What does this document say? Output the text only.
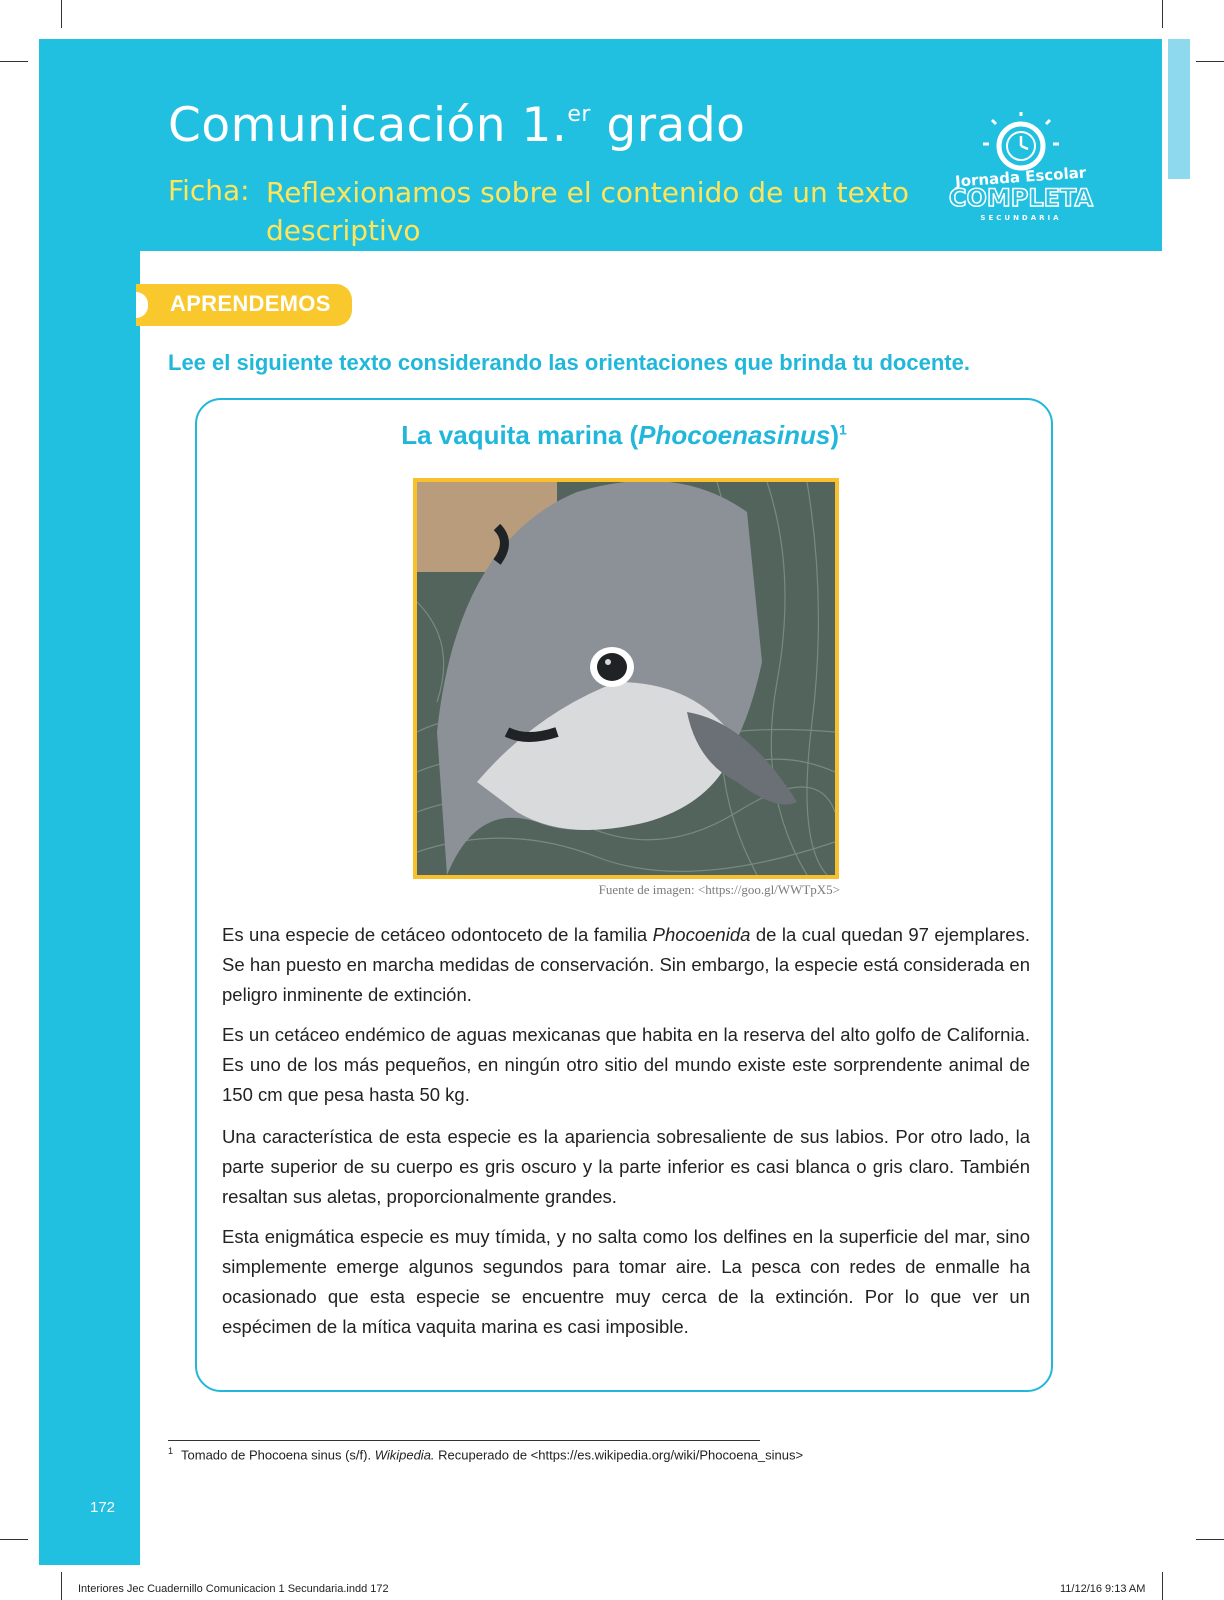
Comunicación 1.$^{er}$ grado
Ficha: Reflexionamos sobre el contenido de un texto descriptivo
Jornada Escolar
COMPLETA
SECUNDARIA
APRENDEMOS
Lee el siguiente texto considerando las orientaciones que brinda tu docente.
La vaquita marina (Phocoenasinus)$^1$
Fuente de imagen: <https://goo.gl/WWTpX5>

Es una especie de cetáceo odontoceto de la familia Phocoenida de la cual quedan 97 ejemplares. Se han puesto en marcha medidas de conservación. Sin embargo, la especie está considerada en peligro inminente de extinción.

Es un cetáceo endémico de aguas mexicanas que habita en la reserva del alto golfo de California. Es uno de los más pequeños, en ningún otro sitio del mundo existe este sorprendente animal de 150 cm que pesa hasta 50 kg.

Una característica de esta especie es la apariencia sobresaliente de sus labios. Por otro lado, la parte superior de su cuerpo es gris oscuro y la parte inferior es casi blanca o gris claro. También resaltan sus aletas, proporcionalmente grandes.

Esta enigmática especie es muy tímida, y no salta como los delfines en la superficie del mar, sino simplemente emerge algunos segundos para tomar aire. La pesca con redes de enmalle ha ocasionado que esta especie se encuentre muy cerca de la extinción. Por lo que ver un espécimen de la mítica vaquita marina es casi imposible.

$^1$ Tomado de Phocoena sinus (s/f). Wikipedia. Recuperado de <https://es.wikipedia.org/wiki/Phocoena_sinus>
172
Interiores Jec Cuadernillo Comunicacion 1 Secundaria.indd 172	11/12/16 9:13 AM
